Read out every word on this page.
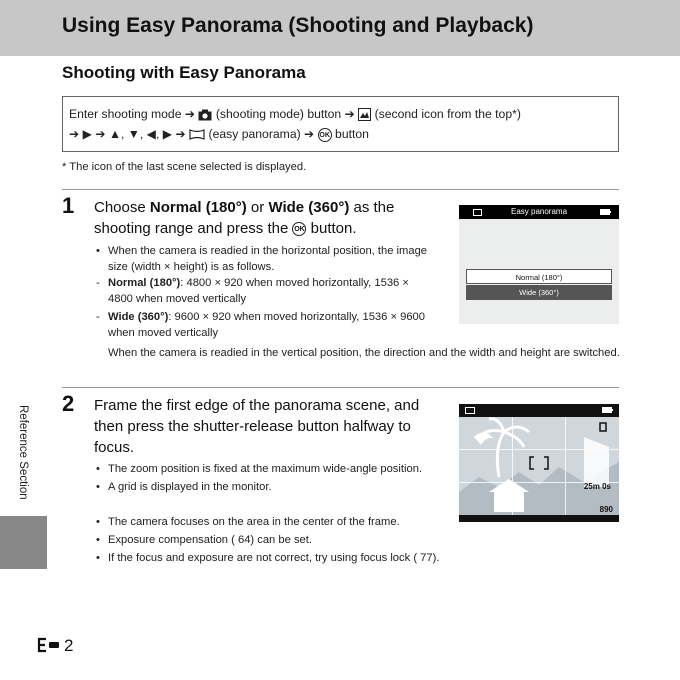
Using Easy Panorama (Shooting and Playback)
Shooting with Easy Panorama
Enter shooting mode ➔ (shooting mode) button ➔ (second icon from the top*)
➔ ▶ ➔ ▲, ▼, ◀, ▶ ➔ (easy panorama) ➔ OK button
* The icon of the last scene selected is displayed.
1 Choose Normal (180°) or Wide (360°) as the
shooting range and press the OK button.
• When the camera is readied in the horizontal position, the image size (width × height) is as follows.
- Normal (180°): 4800 × 920 when moved horizontally, 1536 × 4800 when moved vertically
- Wide (360°): 9600 × 920 when moved horizontally, 1536 × 9600 when moved vertically
When the camera is readied in the vertical position, the direction and the width and height are switched.
Easy panorama
Normal (180°)
Wide (360°)
2 Frame the first edge of the panorama scene, and then press the shutter-release button halfway to focus.
• The zoom position is fixed at the maximum wide-angle position.
• A grid is displayed in the monitor.
• The camera focuses on the area in the center of the frame.
• Exposure compensation ( 64) can be set.
• If the focus and exposure are not correct, try using focus lock ( 77).
25m 0s
890
Reference Section
2
